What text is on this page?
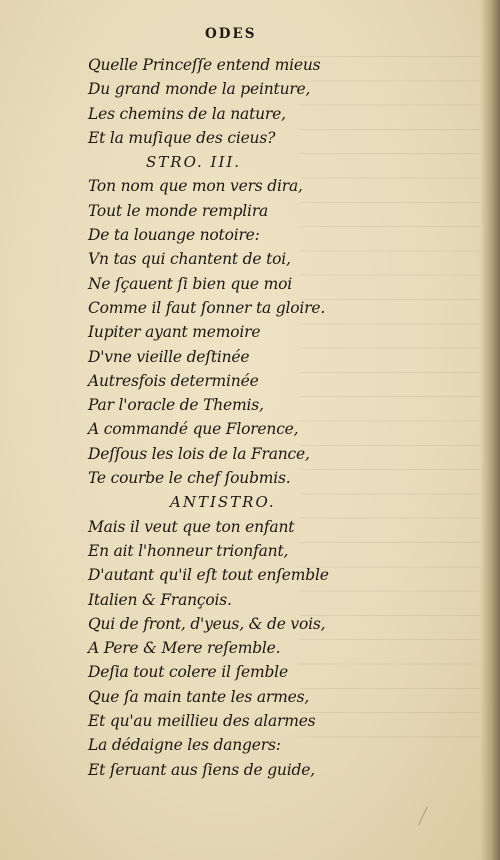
ODES
Quelle Princeſſe entend mieus
Du grand monde la peinture,
Les chemins de la nature,
Et la muſique des cieus?
STRO. III.
Ton nom que mon vers dira,
Tout le monde remplira
De ta louange notoire:
Vn tas qui chantent de toi,
Ne ſçauent ſi bien que moi
Comme il faut ſonner ta gloire.
Iupiter ayant memoire
D'vne vieille deſtinée
Autresfois determinée
Par l'oracle de Themis,
A commandé que Florence,
Deſſous les lois de la France,
Te courbe le chef ſoubmis.
ANTISTRO.
Mais il veut que ton enfant
En ait l'honneur trionfant,
D'autant qu'il eſt tout enſemble
Italien & François.
Qui de front, d'yeus, & de vois,
A Pere & Mere reſemble.
Deſia tout colere il ſemble
Que ſa main tante les armes,
Et qu'au meillieu des alarmes
La dédaigne les dangers:
Et ſeruant aus ſiens de guide,
